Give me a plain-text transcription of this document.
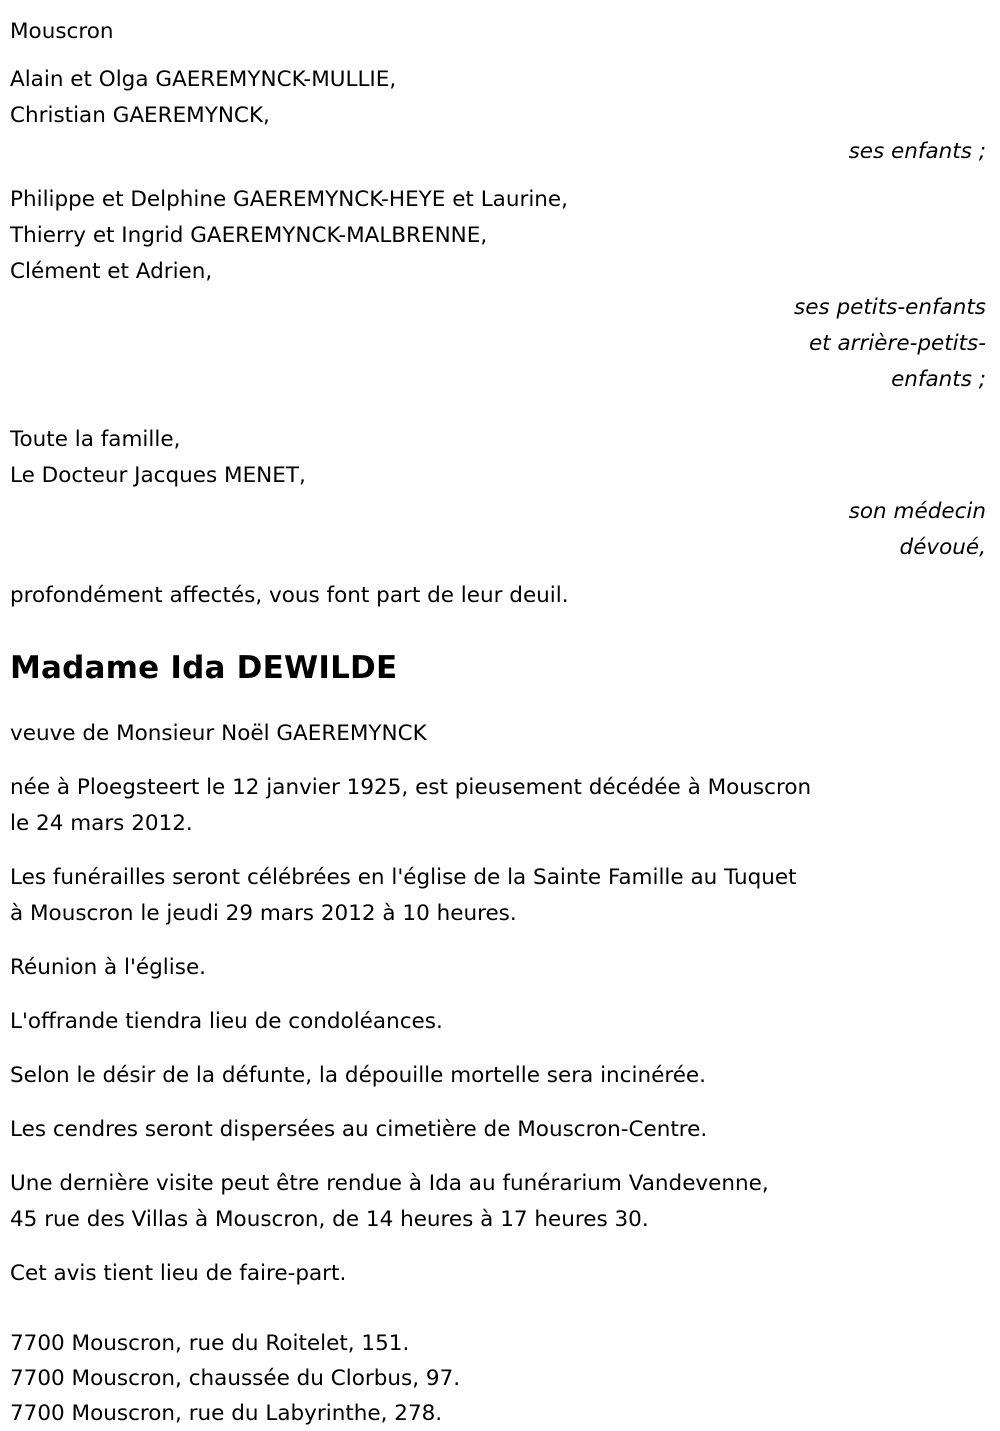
Mouscron
Alain et Olga GAEREMYNCK-MULLIE,
Christian GAEREMYNCK,
ses enfants ;
Philippe et Delphine GAEREMYNCK-HEYE et Laurine,
Thierry et Ingrid GAEREMYNCK-MALBRENNE,
Clément et Adrien,
ses petits-enfants
et arrière-petits-
enfants ;
Toute la famille,
Le Docteur Jacques MENET,
son médecin
dévoué,
profondément affectés, vous font part de leur deuil.
Madame Ida DEWILDE
veuve de Monsieur Noël GAEREMYNCK
née à Ploegsteert le 12 janvier 1925, est pieusement décédée à Mouscron
le 24 mars 2012.
Les funérailles seront célébrées en l'église de la Sainte Famille au Tuquet
à Mouscron le jeudi 29 mars 2012 à 10 heures.
Réunion à l'église.
L'offrande tiendra lieu de condoléances.
Selon le désir de la défunte, la dépouille mortelle sera incinérée.
Les cendres seront dispersées au cimetière de Mouscron-Centre.
Une dernière visite peut être rendue à Ida au funérarium Vandevenne,
45 rue des Villas à Mouscron, de 14 heures à 17 heures 30.
Cet avis tient lieu de faire-part.
7700 Mouscron, rue du Roitelet, 151.
7700 Mouscron, chaussée du Clorbus, 97.
7700 Mouscron, rue du Labyrinthe, 278.
